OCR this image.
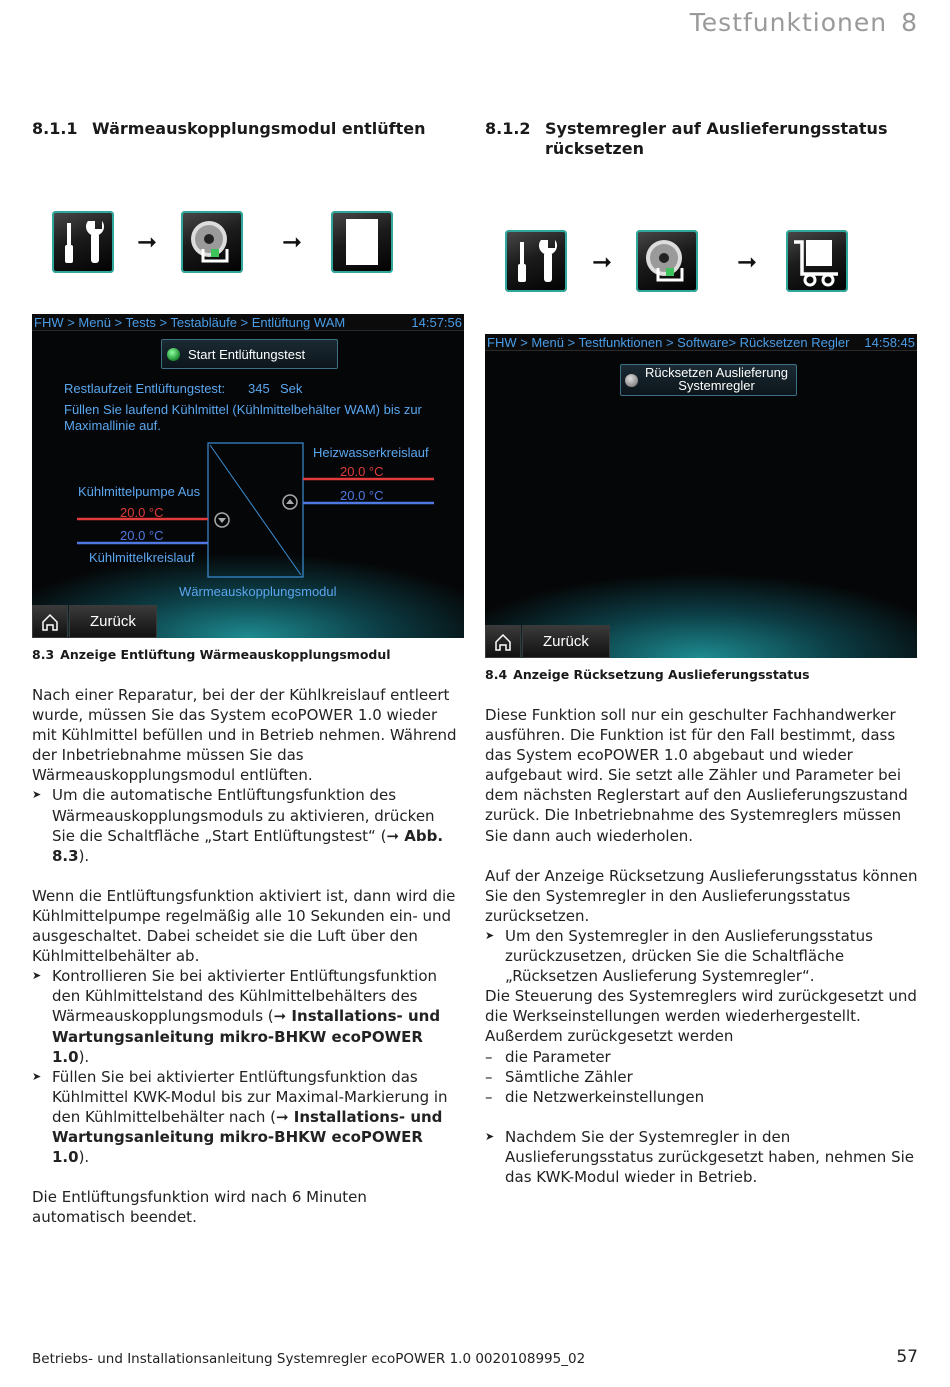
Testfunktionen 8
8.1.1 Wärmeauskopplungsmodul entlüften
➞	➞
FHW > Menü > Tests > Testabläufe > Entlüftung WAM	14:57:56
Start Entlüftungstest
Restlaufzeit Entlüftungstest: 345 Sek
Füllen Sie laufend Kühlmittel (Kühlmittelbehälter WAM) bis zur Maximallinie auf.
Heizwasserkreislauf
20.0 °C
20.0 °C
Kühlmittelpumpe Aus
20.0 °C
20.0 °C
Kühlmittelkreislauf
Wärmeauskopplungsmodul
Zurück
8.3 Anzeige Entlüftung Wärmeauskopplungsmodul

Nach einer Reparatur, bei der der Kühlkreislauf entleert wurde, müssen Sie das System ecoPOWER 1.0 wieder mit Kühlmittel befüllen und in Betrieb nehmen. Während der Inbetriebnahme müssen Sie das Wärmeauskopplungsmodul entlüften.

➤ Um die automatische Entlüftungsfunktion des Wärmeauskopplungsmoduls zu aktivieren, drücken Sie die Schaltfläche „Start Entlüftungstest“ (➞ Abb. 8.3).

Wenn die Entlüftungsfunktion aktiviert ist, dann wird die Kühlmittelpumpe regelmäßig alle 10 Sekunden ein- und ausgeschaltet. Dabei scheidet sie die Luft über den Kühlmittelbehälter ab.

➤ Kontrollieren Sie bei aktivierter Entlüftungsfunktion den Kühlmittelstand des Kühlmittelbehälters des Wärmeauskopplungsmoduls (➞ Installations- und Wartungsanleitung mikro-BHKW ecoPOWER 1.0).

➤ Füllen Sie bei aktivierter Entlüftungsfunktion das Kühlmittel KWK-Modul bis zur Maximal-Markierung in den Kühlmittelbehälter nach (➞ Installations- und Wartungsanleitung mikro-BHKW ecoPOWER 1.0).

Die Entlüftungsfunktion wird nach 6 Minuten automatisch beendet.

8.1.2 Systemregler auf Auslieferungsstatus
rücksetzen
➞	➞
FHW > Menü > Testfunktionen > Software> Rücksetzen Regler 14:58:45
Rücksetzen Auslieferung
Systemregler
Zurück
8.4 Anzeige Rücksetzung Auslieferungsstatus

Diese Funktion soll nur ein geschulter Fachhandwerker ausführen. Die Funktion ist für den Fall bestimmt, dass das System ecoPOWER 1.0 abgebaut und wieder aufgebaut wird. Sie setzt alle Zähler und Parameter bei dem nächsten Reglerstart auf den Auslieferungszustand zurück. Die Inbetriebnahme des Systemreglers müssen Sie dann auch wiederholen.

Auf der Anzeige Rücksetzung Auslieferungsstatus können Sie den Systemregler in den Auslieferungsstatus zurücksetzen.

➤ Um den Systemregler in den Auslieferungsstatus zurückzusetzen, drücken Sie die Schaltfläche „Rücksetzen Auslieferung Systemregler“.

Die Steuerung des Systemreglers wird zurückgesetzt und die Werkseinstellungen werden wiederhergestellt. Außerdem zurückgesetzt werden

– die Parameter

– Sämtliche Zähler

– die Netzwerkeinstellungen

➤ Nachdem Sie der Systemregler in den Auslieferungsstatus zurückgesetzt haben, nehmen Sie das KWK-Modul wieder in Betrieb.

Betriebs- und Installationsanleitung Systemregler ecoPOWER 1.0 0020108995_02	57
